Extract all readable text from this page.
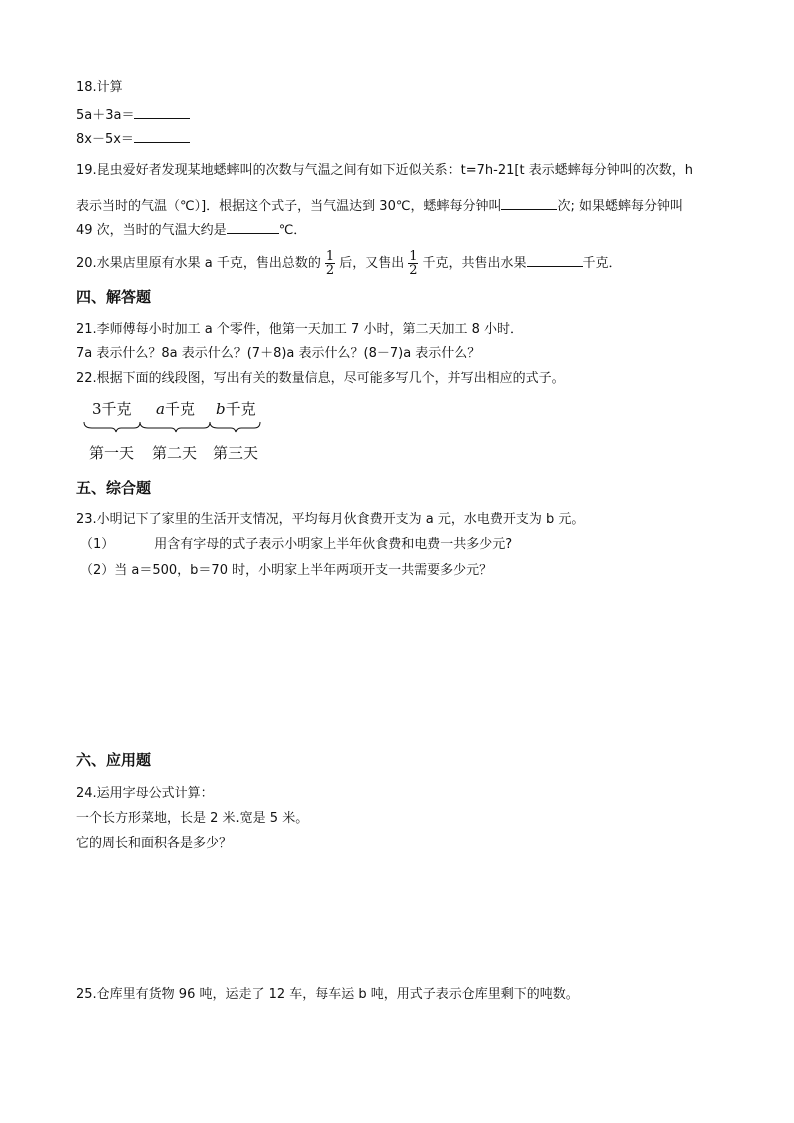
18.计算
5a＋3a＝
8x－5x＝
19.昆虫爱好者发现某地蟋蟀叫的次数与气温之间有如下近似关系：t=7h-21[t 表示蟋蟀每分钟叫的次数，h
表示当时的气温（℃）]．根据这个式子，当气温达到 30℃，蟋蟀每分钟叫	次; 如果蟋蟀每分钟叫
49 次，当时的气温大约是	℃．
20.水果店里原有水果 a 千克，售出总数的 $\frac{1}{2}$ 后，又售出 $\frac{1}{2}$ 千克，共售出水果	千克．
四、解答题
21.李师傅每小时加工 a 个零件，他第一天加工 7 小时，第二天加工 8 小时．
7a 表示什么？8a 表示什么？(7＋8)a 表示什么？(8－7)a 表示什么？
22.根据下面的线段图，写出有关的数量信息，尽可能多写几个，并写出相应的式子。
3千克 a千克 b千克
第一天 第二天 第三天
五、综合题
23.小明记下了家里的生活开支情况，平均每月伙食费开支为 a 元，水电费开支为 b 元。
（1）	用含有字母的式子表示小明家上半年伙食费和电费一共多少元?
（2）当 a＝500，b＝70 时，小明家上半年两项开支一共需要多少元？
六、应用题
24.运用字母公式计算：
一个长方形菜地，长是 2 米.宽是 5 米。
它的周长和面积各是多少？
25.仓库里有货物 96 吨，运走了 12 车，每车运 b 吨，用式子表示仓库里剩下的吨数。
